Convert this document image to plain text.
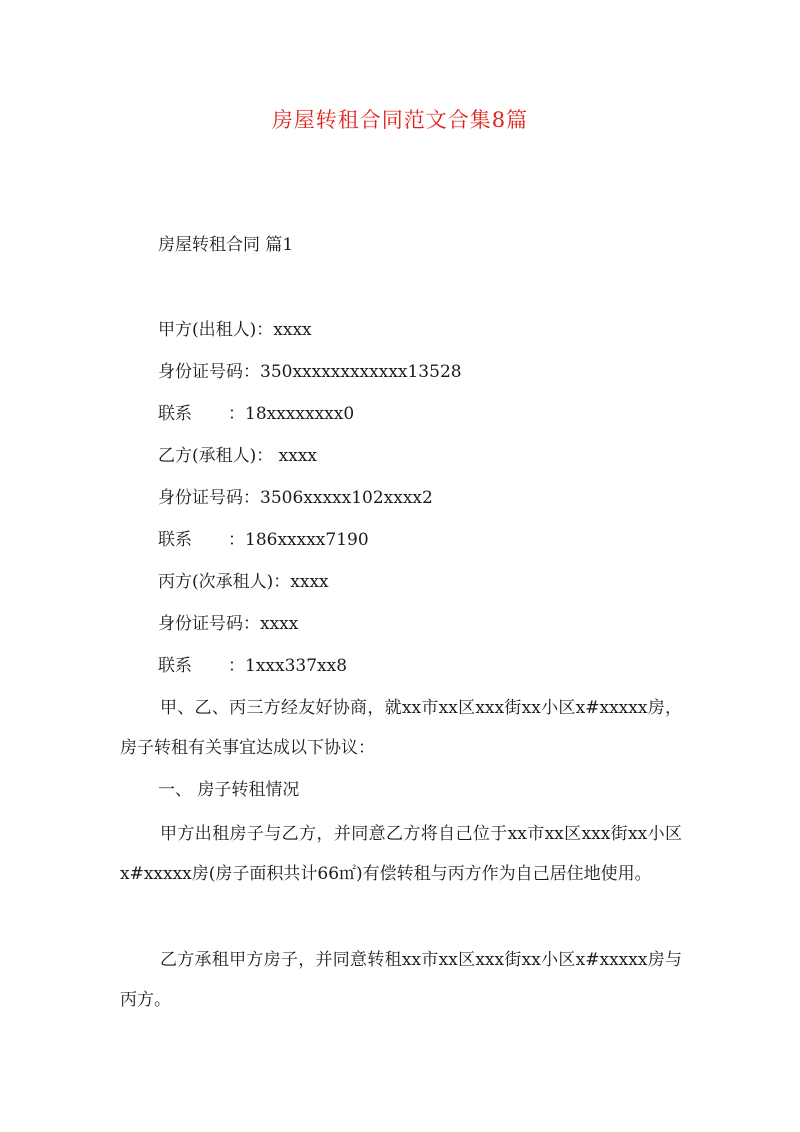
房屋转租合同范文合集8篇
房屋转租合同 篇1
甲方(出租人)：xxxx
身份证号码：350xxxxxxxxxxxx13528
联系 ：18xxxxxxxx0
乙方(承租人)： xxxx
身份证号码：3506xxxxx102xxxx2
联系 ：186xxxxx7190
丙方(次承租人)：xxxx
身份证号码：xxxx
联系 ：1xxx337xx8
甲、乙、丙三方经友好协商，就xx市xx区xxx街xx小区x#xxxxx房，房子转租有关事宜达成以下协议：
一、 房子转租情况
甲方出租房子与乙方，并同意乙方将自己位于xx市xx区xxx街xx小区x#xxxxx房(房子面积共计66㎡)有偿转租与丙方作为自己居住地使用。
乙方承租甲方房子，并同意转租xx市xx区xxx街xx小区x#xxxxx房与丙方。
